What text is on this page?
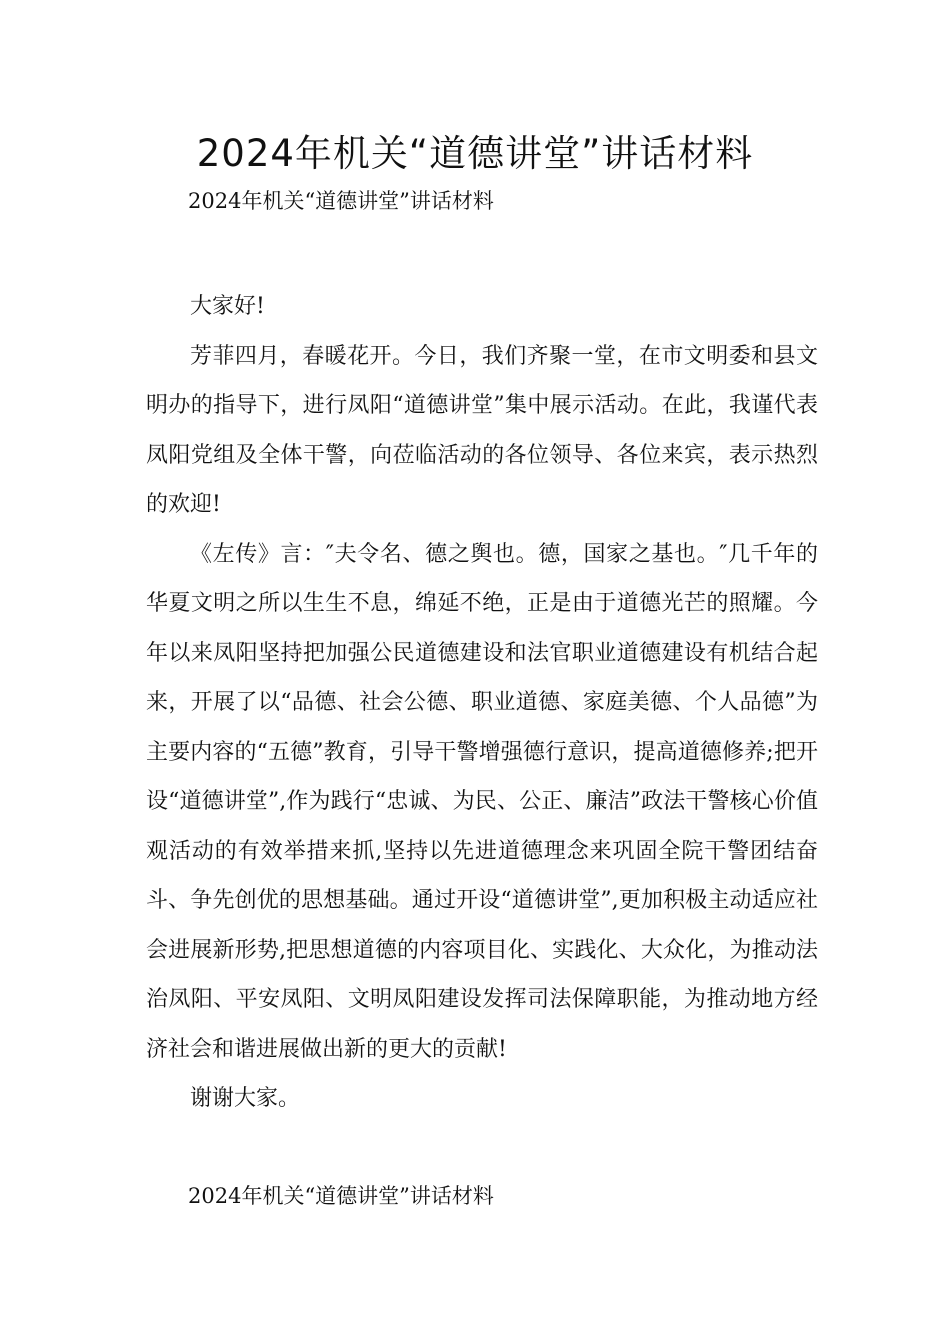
2024年机关“道德讲堂”讲话材料
2024年机关“道德讲堂”讲话材料

大家好!

芳菲四月，春暖花开。今日，我们齐聚一堂，在市文明委和县文明办的指导下，进行凤阳“道德讲堂”集中展示活动。在此，我谨代表凤阳党组及全体干警，向莅临活动的各位领导、各位来宾，表示热烈的欢迎!

《左传》言：″夫令名、德之舆也。德，国家之基也。″几千年的华夏文明之所以生生不息，绵延不绝，正是由于道德光芒的照耀。今年以来凤阳坚持把加强公民道德建设和法官职业道德建设有机结合起来，开展了以“品德、社会公德、职业道德、家庭美德、个人品德”为主要内容的“五德”教育，引导干警增强德行意识，提高道德修养;把开设“道德讲堂”,作为践行“忠诚、为民、公正、廉洁”政法干警核心价值观活动的有效举措来抓,坚持以先进道德理念来巩固全院干警团结奋斗、争先创优的思想基础。通过开设“道德讲堂”,更加积极主动适应社会进展新形势,把思想道德的内容项目化、实践化、大众化，为推动法治凤阳、平安凤阳、文明凤阳建设发挥司法保障职能，为推动地方经济社会和谐进展做出新的更大的贡献!

谢谢大家。

2024年机关“道德讲堂”讲话材料
